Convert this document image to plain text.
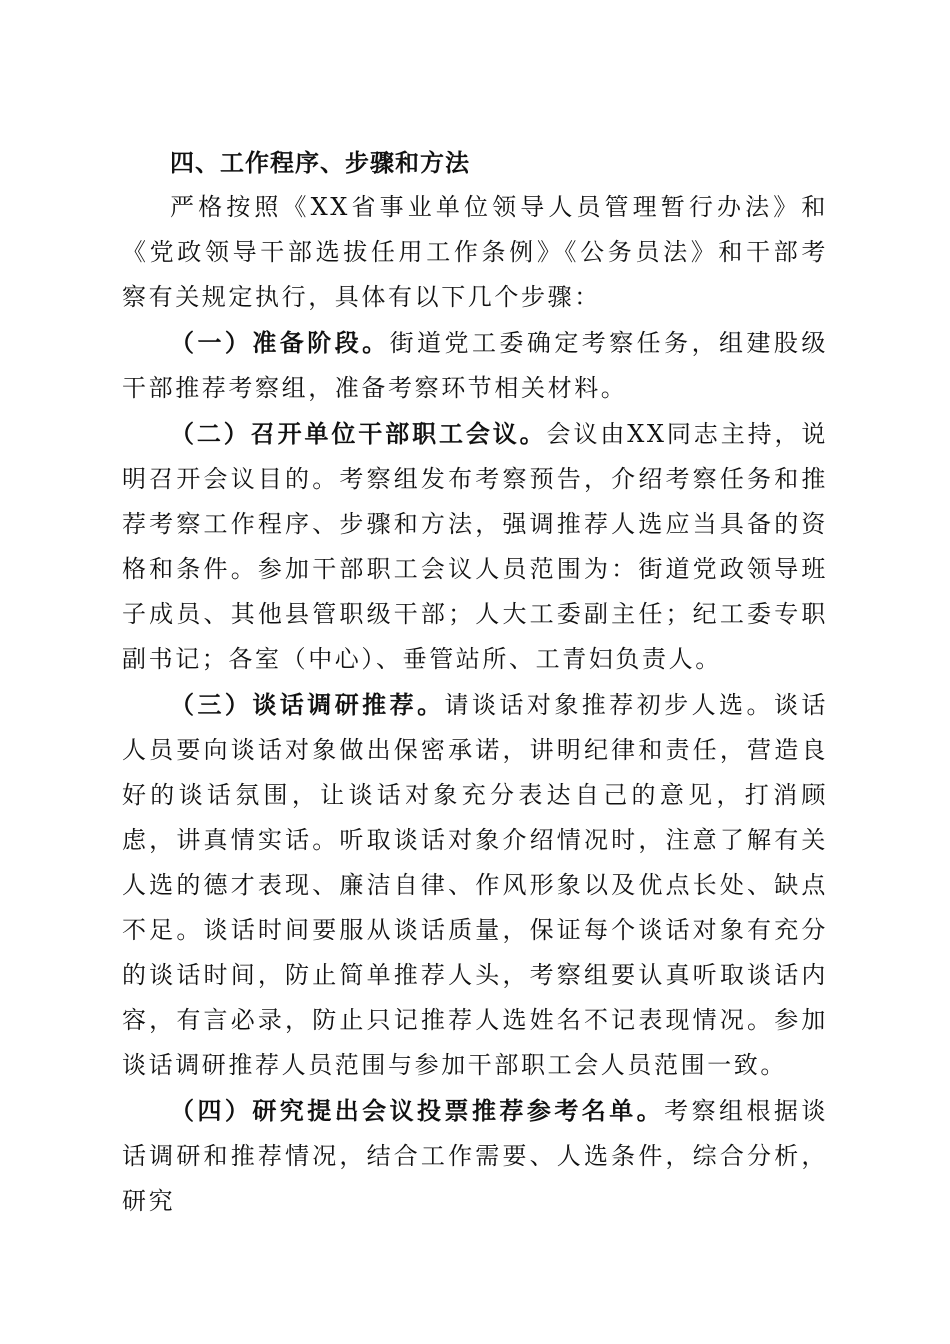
四、工作程序、步骤和方法

严格按照《XX省事业单位领导人员管理暂行办法》和《党政领导干部选拔任用工作条例》《公务员法》和干部考察有关规定执行，具体有以下几个步骤：

（一）准备阶段。街道党工委确定考察任务，组建股级干部推荐考察组，准备考察环节相关材料。

（二）召开单位干部职工会议。会议由XX同志主持，说明召开会议目的。考察组发布考察预告，介绍考察任务和推荐考察工作程序、步骤和方法，强调推荐人选应当具备的资格和条件。参加干部职工会议人员范围为：街道党政领导班子成员、其他县管职级干部；人大工委副主任；纪工委专职副书记；各室（中心）、垂管站所、工青妇负责人。

（三）谈话调研推荐。请谈话对象推荐初步人选。谈话人员要向谈话对象做出保密承诺，讲明纪律和责任，营造良好的谈话氛围，让谈话对象充分表达自己的意见，打消顾虑，讲真情实话。听取谈话对象介绍情况时，注意了解有关人选的德才表现、廉洁自律、作风形象以及优点长处、缺点不足。谈话时间要服从谈话质量，保证每个谈话对象有充分的谈话时间，防止简单推荐人头，考察组要认真听取谈话内容，有言必录，防止只记推荐人选姓名不记表现情况。参加谈话调研推荐人员范围与参加干部职工会人员范围一致。

（四）研究提出会议投票推荐参考名单。考察组根据谈话调研和推荐情况，结合工作需要、人选条件，综合分析，研究
